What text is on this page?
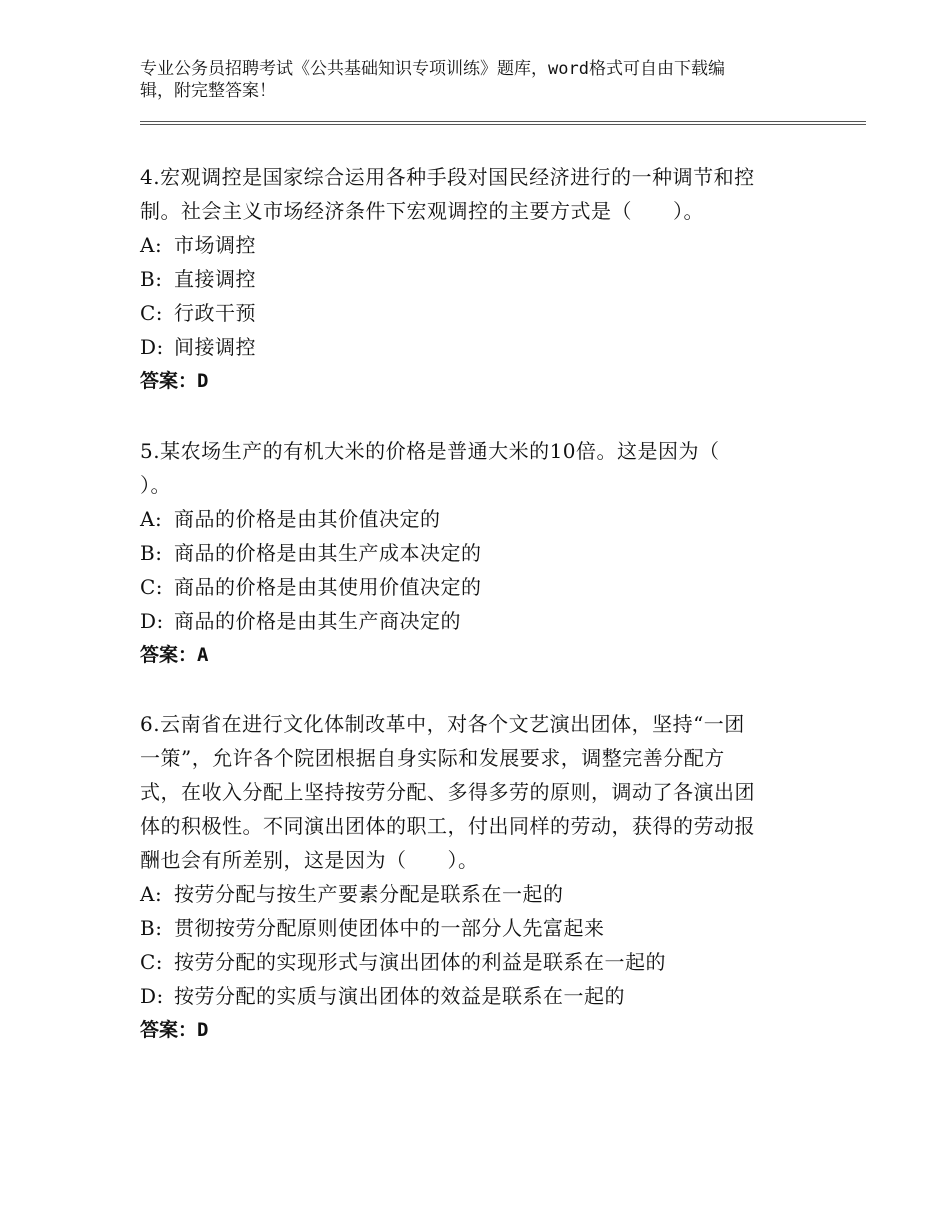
专业公务员招聘考试《公共基础知识专项训练》题库，word格式可自由下载编
辑，附完整答案！
4.宏观调控是国家综合运用各种手段对国民经济进行的一种调节和控
制。社会主义市场经济条件下宏观调控的主要方式是（　　）。
A: 市场调控
B: 直接调控
C: 行政干预
D: 间接调控
答案：D
5.某农场生产的有机大米的价格是普通大米的10倍。这是因为（
）。
A: 商品的价格是由其价值决定的
B: 商品的价格是由其生产成本决定的
C: 商品的价格是由其使用价值决定的
D: 商品的价格是由其生产商决定的
答案：A
6.云南省在进行文化体制改革中，对各个文艺演出团体，坚持“一团
一策”，允许各个院团根据自身实际和发展要求，调整完善分配方
式，在收入分配上坚持按劳分配、多得多劳的原则，调动了各演出团
体的积极性。不同演出团体的职工，付出同样的劳动，获得的劳动报
酬也会有所差别，这是因为（　　）。
A: 按劳分配与按生产要素分配是联系在一起的
B: 贯彻按劳分配原则使团体中的一部分人先富起来
C: 按劳分配的实现形式与演出团体的利益是联系在一起的
D: 按劳分配的实质与演出团体的效益是联系在一起的
答案：D
